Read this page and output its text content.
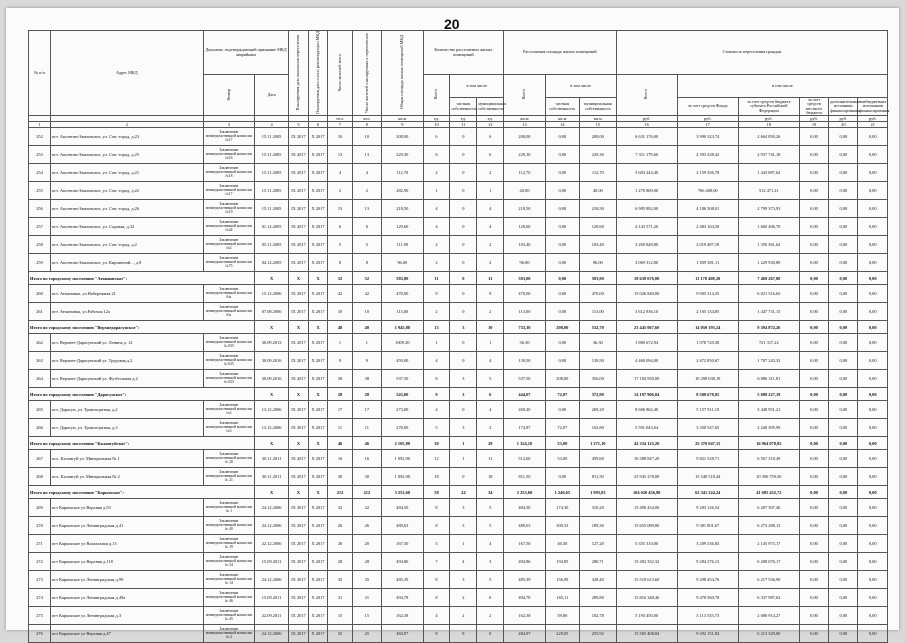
20
№ п/п	Адрес МКД	Документ, подтверждающий признание МКД аварийным		Планируемая дата окончания переселения	Планируемая дата сноса/ реконструкции МКД	Число жителей всего	Число жителей планируемых к переселению	Общая площадь жилых помещений МКД	Количество расселяемых жилых помещений			Расселяемая площадь жилых помещений			Стоимость переселения граждан					
		Номер	Дата						Всего	в том числе		Всего	в том числе		Всего	в том числе				
										частная собственность	муниципальная собственность		частная собственность	муниципальная собственность		за счет средств Фонда	за счет средств бюджета субъекта Российской Федерации	за счет средств местного бюджета	дополнительные источники финансирования	внебюджетных источников финансирования
						чел.	чел.	кв.м	ед.	ед.	ед.	кв.м	кв.м	кв.м	руб.	руб.	руб.	руб.	руб.	руб.
1	2	3	4	5	6	7	8	9	10	11	12	13	14	15	16	17	18	19	20	21
252	пгт. Аксеново-Звиловское, ул. Сов.-город, д.23	Заключение межведомственной комиссии №17	15.11.2005	IX 2017	X 2017	10	10	208,00	6	0	6	208,00	0,00	208,00	6 631 176,00	3 990 323,74	2 664 850,26	0,00	0,00	0,00
253	пгт. Аксеново-Звиловское, ул. Сов.-город, д.25	Заключение межведомственной комиссии №16	15.11.2005	IX 2017	X 2017	13	13	229,30	6	0	6	229,30	0,00	229,30	7 311 179,60	4 393 438,42	2 937 741,18	0,00	0,00	0,00
254	пгт. Аксеново-Звиловское, ул. Сов.-город, д.21	Заключение межведомственной комиссии №18	15.11.2005	IX 2017	X 2017	4	4	112,70	2	0	2	112,70	0,00	112,70	3 603 244,40	2 159 356,78	1 443 887,62	0,00	0,00	0,00
255	пгт. Аксеново-Звиловское, ул. Сов.-город, д.22	Заключение межведомственной комиссии №17	15.11.2005	IX 2017	X 2017	2	2	282,90	1	0	1	40,00	0,00	40,00	1 278 800,00	766 408,00	512 471,21	0,00	0,00	0,00
256	пгт. Аксеново-Звиловское, ул. Сов.-город, д.26	Заключение межведомственной комиссии №19	15.11.2005	IX 2017	X 2017	13	13	218,50	4	0	4	218,50	0,00	218,50	6 985 882,00	4 186 508,01	2 799 373,93	0,00	0,00	0,00
257	пгт. Аксеново-Звиловское, ул. Садовая, д.32	Заключение межведомственной комиссии №44	01.12.2005	IX 2017	X 2017	6	6	129,60	4	0	4	129,60	0,00	129,60	4 143 571,20	2 483 164,50	1 660 406,70	0,00	0,00	0,00
258	пгт. Аксеново-Звиловское, ул. Сов.-город, д.2	Заключение межведомственной комиссии №2	05.11.2005	IX 2017	X 2017	5	5	111,90	2	0	2	103,40	0,00	103,40	3 269 848,80	2 019 487,18	1 350 361,62	0,00	0,00	0,00
259	пгт. Аксеново-Звиловское, ул. Кирпичной..., д.8	Заключение межведомственной комиссии №75	04.12.2005	IX 2017	X 2017	8	8	96,00	2	0	2	96,00	0,00	96,00	3 069 312,00	1 839 381,11	1 229 930,89	0,00	0,00	0,00
Итого по городскому поселению "Аткиновское":			X	X	X	52	52	583,00	11	0	11	583,00	0,00	583,00	18 639 676,00	11 170 408,20	7 469 267,80	0,00	0,00	0,00
260	пгт. Атмановка, ул.Набережная 21	Заключение межведомственной комиссии б/н	15.12.2006	IX 2017	X 2017	42	42	470,00	9	0	9	470,00	0,00	470,00	15 026 840,00	9 005 314,35	6 021 516,65	0,00	0,00	0,00
261	пгт. Атмановка, ул.Рабочая 12а	Заключение межведомственной комиссии б/н	07.08.2006	IX 2017	X 2017	10	10	113,00	2	0	2	113,00	0,00	113,00	3 612 836,10	2 165 134,85	1 447 731,15	0,00	0,00	0,00
Итого по городскому поселению "Верхнедарасунское":			X	X	X	48	48	1 945,80	13	3	10	733,10	208,00	532,70	23 445 067,60	14 050 193,24	9 394 874,26	0,00	0,00	0,00
262	пгт. Верхнее-Дарасунский ул. Ленина д. 12	Заключение межведомственной комиссии № 035	30.09.2013	IX 2017	X 2017	1	1	1009,30	1	0	1	36,30	0,00	36,30	1 880 672,94	1 078 720,58	721 317,22	0,00	0,00	0,00
263	пгт. Верхнее-Дарасунский ул. Трудовая д.2	Заключение межведомственной комиссии № 025	30.09.2016	IX 2017	X 2017	9	9	459,00	4	0	4	139,50	0,00	139,50	4 460 094,00	2 672 850,67	1 787 243,33	0,00	0,00	0,00
264	пгт. Верхнее-Дарасунский ул. Футбольная д.2	Заключение межведомственной комиссии № 023	30.09.2016	IX 2017	X 2017	38	38	537,50	8	3	5	537,50	208,00	356,00	17 184 950,00	10 298 638,19	6 886 311,81	0,00	0,00	0,00
Итого по городскому поселению "Дарасунское":			X	X	X	28	28	543,00	9	3	6	444,07	72,07	372,00	14 197 906,04	8 508 678,85	5 689 227,19	0,00	0,00	0,00
265	пгт. Дарасун, ул. Транспортная, д.2	Заключение межведомственной комиссии №2	13.12.2006	IX 2017	X 2017	17	17	273,00	4	0	4	269,20	0,00	269,20	8 606 862,40	5 157 911,10	3 448 951,21	0,00	0,00	0,00
266	пгт. Дарасун, ул. Транспортная, д.3	Заключение межведомственной комиссии №3	13.12.2006	IX 2017	X 2017	11	11	270,00	5	3	2	174,87	72,07	102,80	5 591 043,64	3 350 547,65	2 240 395,99	0,00	0,00	0,00
Итого по городскому поселению "Калангуйское":			X	X	X	46	46	2 105,80	30	1	29	1 324,10	53,00	1 271,10	42 334 125,20	25 370 047,15	16 964 078,05	0,00	0,00	0,00
267	пос. Калангуй ул. Минеральная № 1	Заключение межведомственной комиссии № 20	30.11.2011	IX 2017	X 2017	16	16	1 092,90	12	1	11	512,60	53,00	459,60	16 388 847,20	9 821 528,71	6 567 318,49	0,00	0,00	0,00
268	пос. Калангуй ул. Минеральная № 2	Заключение межведомственной комиссии № 21	30.11.2011	IX 2017	X 2017	30	30	1 092,90	18	0	18	811,50	0,00	811,50	25 945 278,00	15 548 518,44	10 396 759,56	0,00	0,00	0,00
Итого по городскому поселению "Карымское":			X	X	X	212	212	3 253,60	58	24	34	2 253,60	1 240,65	1 993,03	104 026 456,90	62 341 224,24	41 685 432,72	0,00	0,00	0,00
269	пгт Карымское ул Верхняя д.93	Заключение межведомственной комиссии № 1	24.12.2006	IX 2017	X 2017	32	32	484,50	8	3	5	484,50	174,30	310,20	15 490 434,00	9 283 126,54	6 207 307,46	0,00	0,00	0,00
270	пгт Карымское ул Ленинградская д.41	Заключение межведомственной комиссии № 40	24.12.2006	IX 2017	X 2017	26	26	489,63	8	3	5	489,63	300,33	189,30	15 655 089,80	9 381 801,67	6 273 288,13	0,00	0,00	0,00
271	пгт Карымское ул Вокзальная д.13	Заключение межведомственной комиссии № 19	22.12.2006	IX 2017	X 2017	20	20	167,50	5	1	4	167,50	40,30	127,20	5 355 310,00	3 209 336,83	2 145 973,17	0,00	0,00	0,00
272	пгт Карымское ул Верхняя д.118	Заключение межведомственной комиссии № 34	15.09.2011	IX 2017	X 2017	28	28	494,86	7	4	3	494,86	194,85	280,71	15 492 352,32	9 284 276,13	6 208 076,17	0,00	0,00	0,00
273	пгт Карымское ул Ленинградская д.99	Заключение межведомственной комиссии № 14	24.12.2006	IX 2017	X 2017	35	35	485,39	8	3	5	485,39	156,99	328,40	15 518 613,60	9 298 454,76	6 217 536,90	0,00	0,00	0,00
274	пгт Карымское ул Ленинградская д.49а	Заключение межведомственной комиссии № 46	15.09.2011	IX 2017	X 2017	31	31	494,78	8	2	6	494,78	165,11	289,80	15 816 348,46	9 478 560,78	6 337 987,62	0,00	0,00	0,00
275	пгт Карымское ул Ленинградская д.3	Заключение межведомственной комиссии № 45	22.09.2011	IX 2017	X 2017	15	15	162,38	4	2	2	162,38	59,80	102,78	5 193 450,00	3 113 535,73	2 080 914,27	0,00	0,00	0,00
276	пгт Карымское ул Верхняя д.47	Заключение межведомственной комиссии № 2	24.12.2006	IX 2017	X 2017	25	25	484,97	8	8	0	484,97	229,05	255,92	15 505 408,84	9 292 151,84	6 213 329,00	0,00	0,00	0,00
